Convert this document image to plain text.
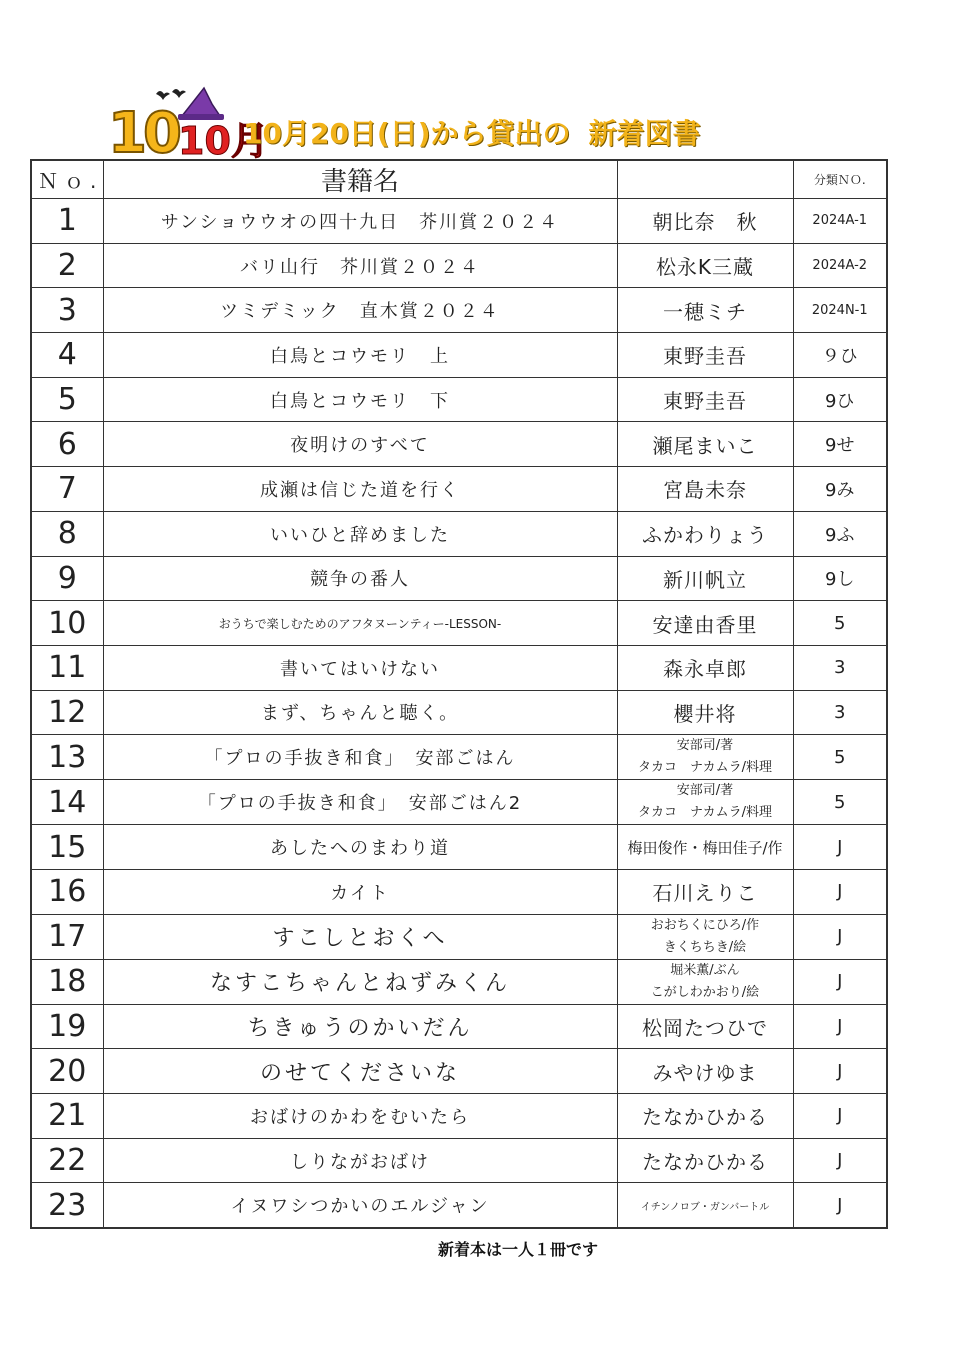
10 10月
10月20日(日)から貸出の 新着図書
Ｎｏ.	書籍名		分類ＮＯ.
1	サンショウウオの四十九日　芥川賞２０２４	朝比奈　秋	2024A-1
2	バリ山行　芥川賞２０２４	松永K三蔵	2024A-2
3	ツミデミック　直木賞２０２４	一穂ミチ	2024N-1
4	白鳥とコウモリ　上	東野圭吾	９ひ
5	白鳥とコウモリ　下	東野圭吾	9ひ
6	夜明けのすべて	瀬尾まいこ	9せ
7	成瀬は信じた道を行く	宮島未奈	9み
8	いいひと辞めました	ふかわりょう	9ふ
9	競争の番人	新川帆立	9し
10	おうちで楽しむためのアフタヌーンティー-LESSON-	安達由香里	5
11	書いてはいけない	森永卓郎	3
12	まず、ちゃんと聴く。	櫻井将	3
13	「プロの手抜き和食」　安部ごはん	安部司/著
タカコ　ナカムラ/料理	5
14	「プロの手抜き和食」　安部ごはん2	安部司/著
タカコ　ナカムラ/料理	5
15	あしたへのまわり道	梅田俊作・梅田佳子/作	J
16	カイト	石川えりこ	J
17	すこしとおくへ	おおちくにひろ/作
きくちちき/絵	J
18	なすこちゃんとねずみくん	堀米薫/ぶん
こがしわかおり/絵	J
19	ちきゅうのかいだん	松岡たつひで	J
20	のせてくださいな	みやけゆま	J
21	おばけのかわをむいたら	たなかひかる	J
22	しりながおばけ	たなかひかる	J
23	イヌワシつかいのエルジャン	イチンノロブ・ガンバートル	J
新着本は一人１冊です
